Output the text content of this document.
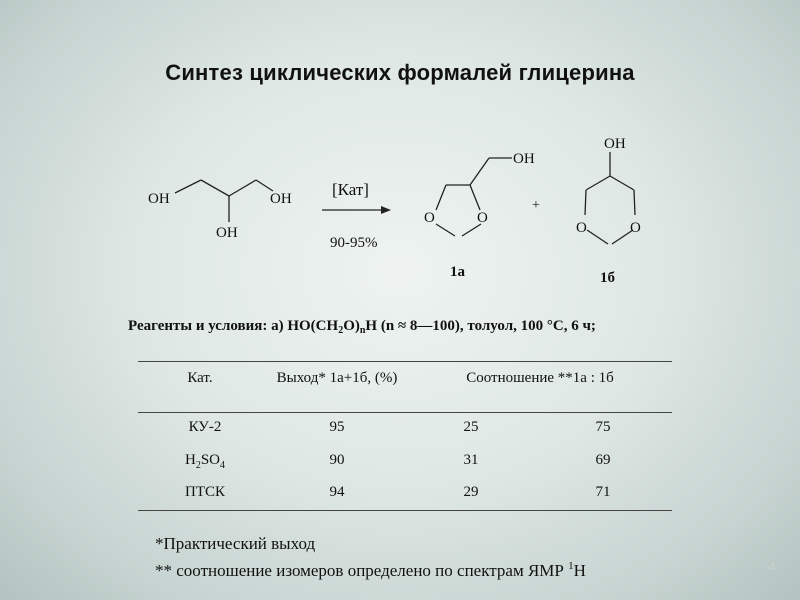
Синтез циклических формалей глицерина
OH	OH
OH
[Кат]
90-95%
O	O
OH
1а
+
OH
O	O
1б
Реагенты и условия: а) $HO(CH_2O)_nH$ (n ≈ 8—100), толуол, 100 °C, 6 ч;
Кат.	Выход* 1а+1б, (%)	Соотношение **1а : 1б
КУ-2	95	25	75
$H_2SO_4$	90	31	69
ПТСК	94	29	71
*Практический выход
** соотношение изомеров определено по спектрам ЯМР $^1$Н	4
